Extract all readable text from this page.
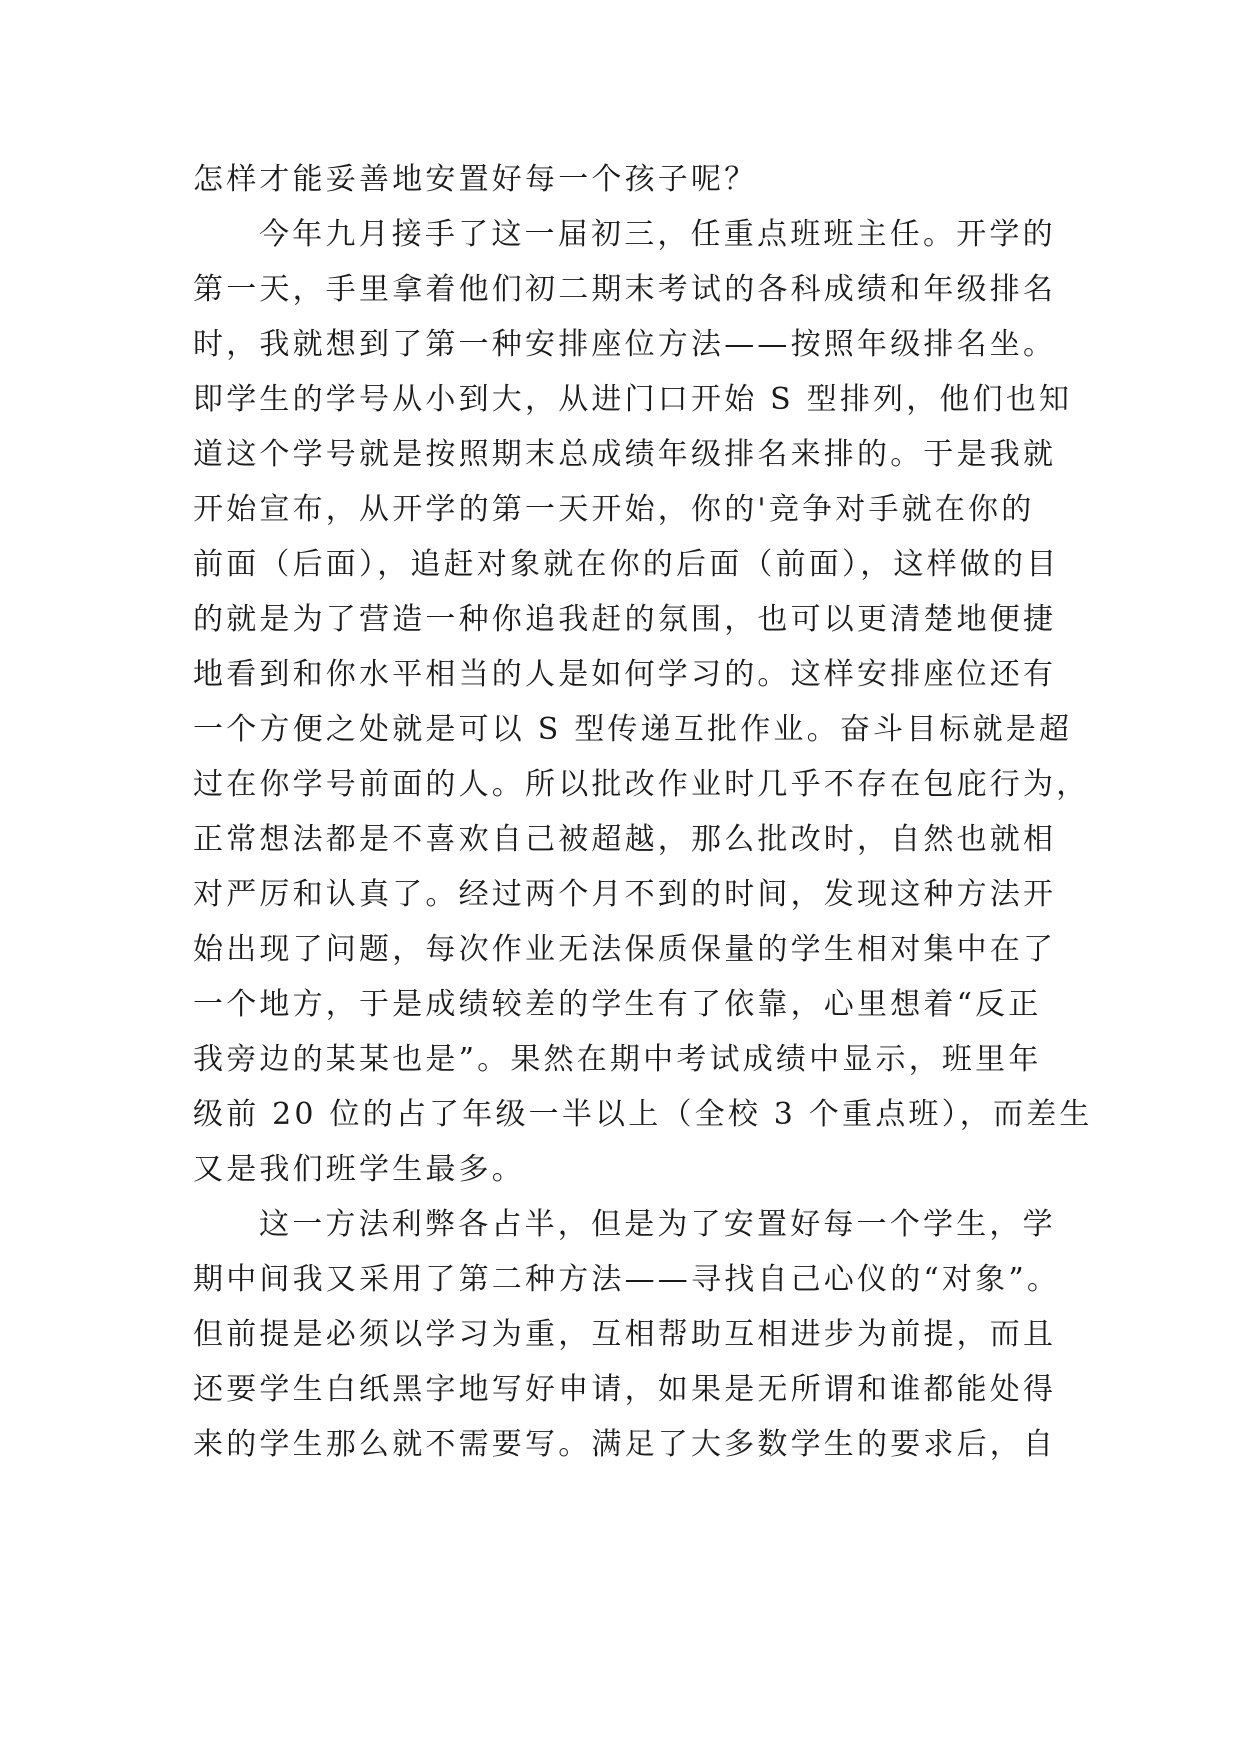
怎样才能妥善地安置好每一个孩子呢？
今年九月接手了这一届初三，任重点班班主任。开学的
第一天，手里拿着他们初二期末考试的各科成绩和年级排名
时，我就想到了第一种安排座位方法——按照年级排名坐。
即学生的学号从小到大，从进门口开始 S 型排列，他们也知
道这个学号就是按照期末总成绩年级排名来排的。于是我就
开始宣布，从开学的第一天开始，你的'竞争对手就在你的
前面（后面），追赶对象就在你的后面（前面），这样做的目
的就是为了营造一种你追我赶的氛围，也可以更清楚地便捷
地看到和你水平相当的人是如何学习的。这样安排座位还有
一个方便之处就是可以 S 型传递互批作业。奋斗目标就是超
过在你学号前面的人。所以批改作业时几乎不存在包庇行为，
正常想法都是不喜欢自己被超越，那么批改时，自然也就相
对严厉和认真了。经过两个月不到的时间，发现这种方法开
始出现了问题，每次作业无法保质保量的学生相对集中在了
一个地方，于是成绩较差的学生有了依靠，心里想着“反正
我旁边的某某也是”。果然在期中考试成绩中显示，班里年
级前 20 位的占了年级一半以上（全校 3 个重点班），而差生
又是我们班学生最多。
这一方法利弊各占半，但是为了安置好每一个学生，学
期中间我又采用了第二种方法——寻找自己心仪的“对象”。
但前提是必须以学习为重，互相帮助互相进步为前提，而且
还要学生白纸黑字地写好申请，如果是无所谓和谁都能处得
来的学生那么就不需要写。满足了大多数学生的要求后，自
